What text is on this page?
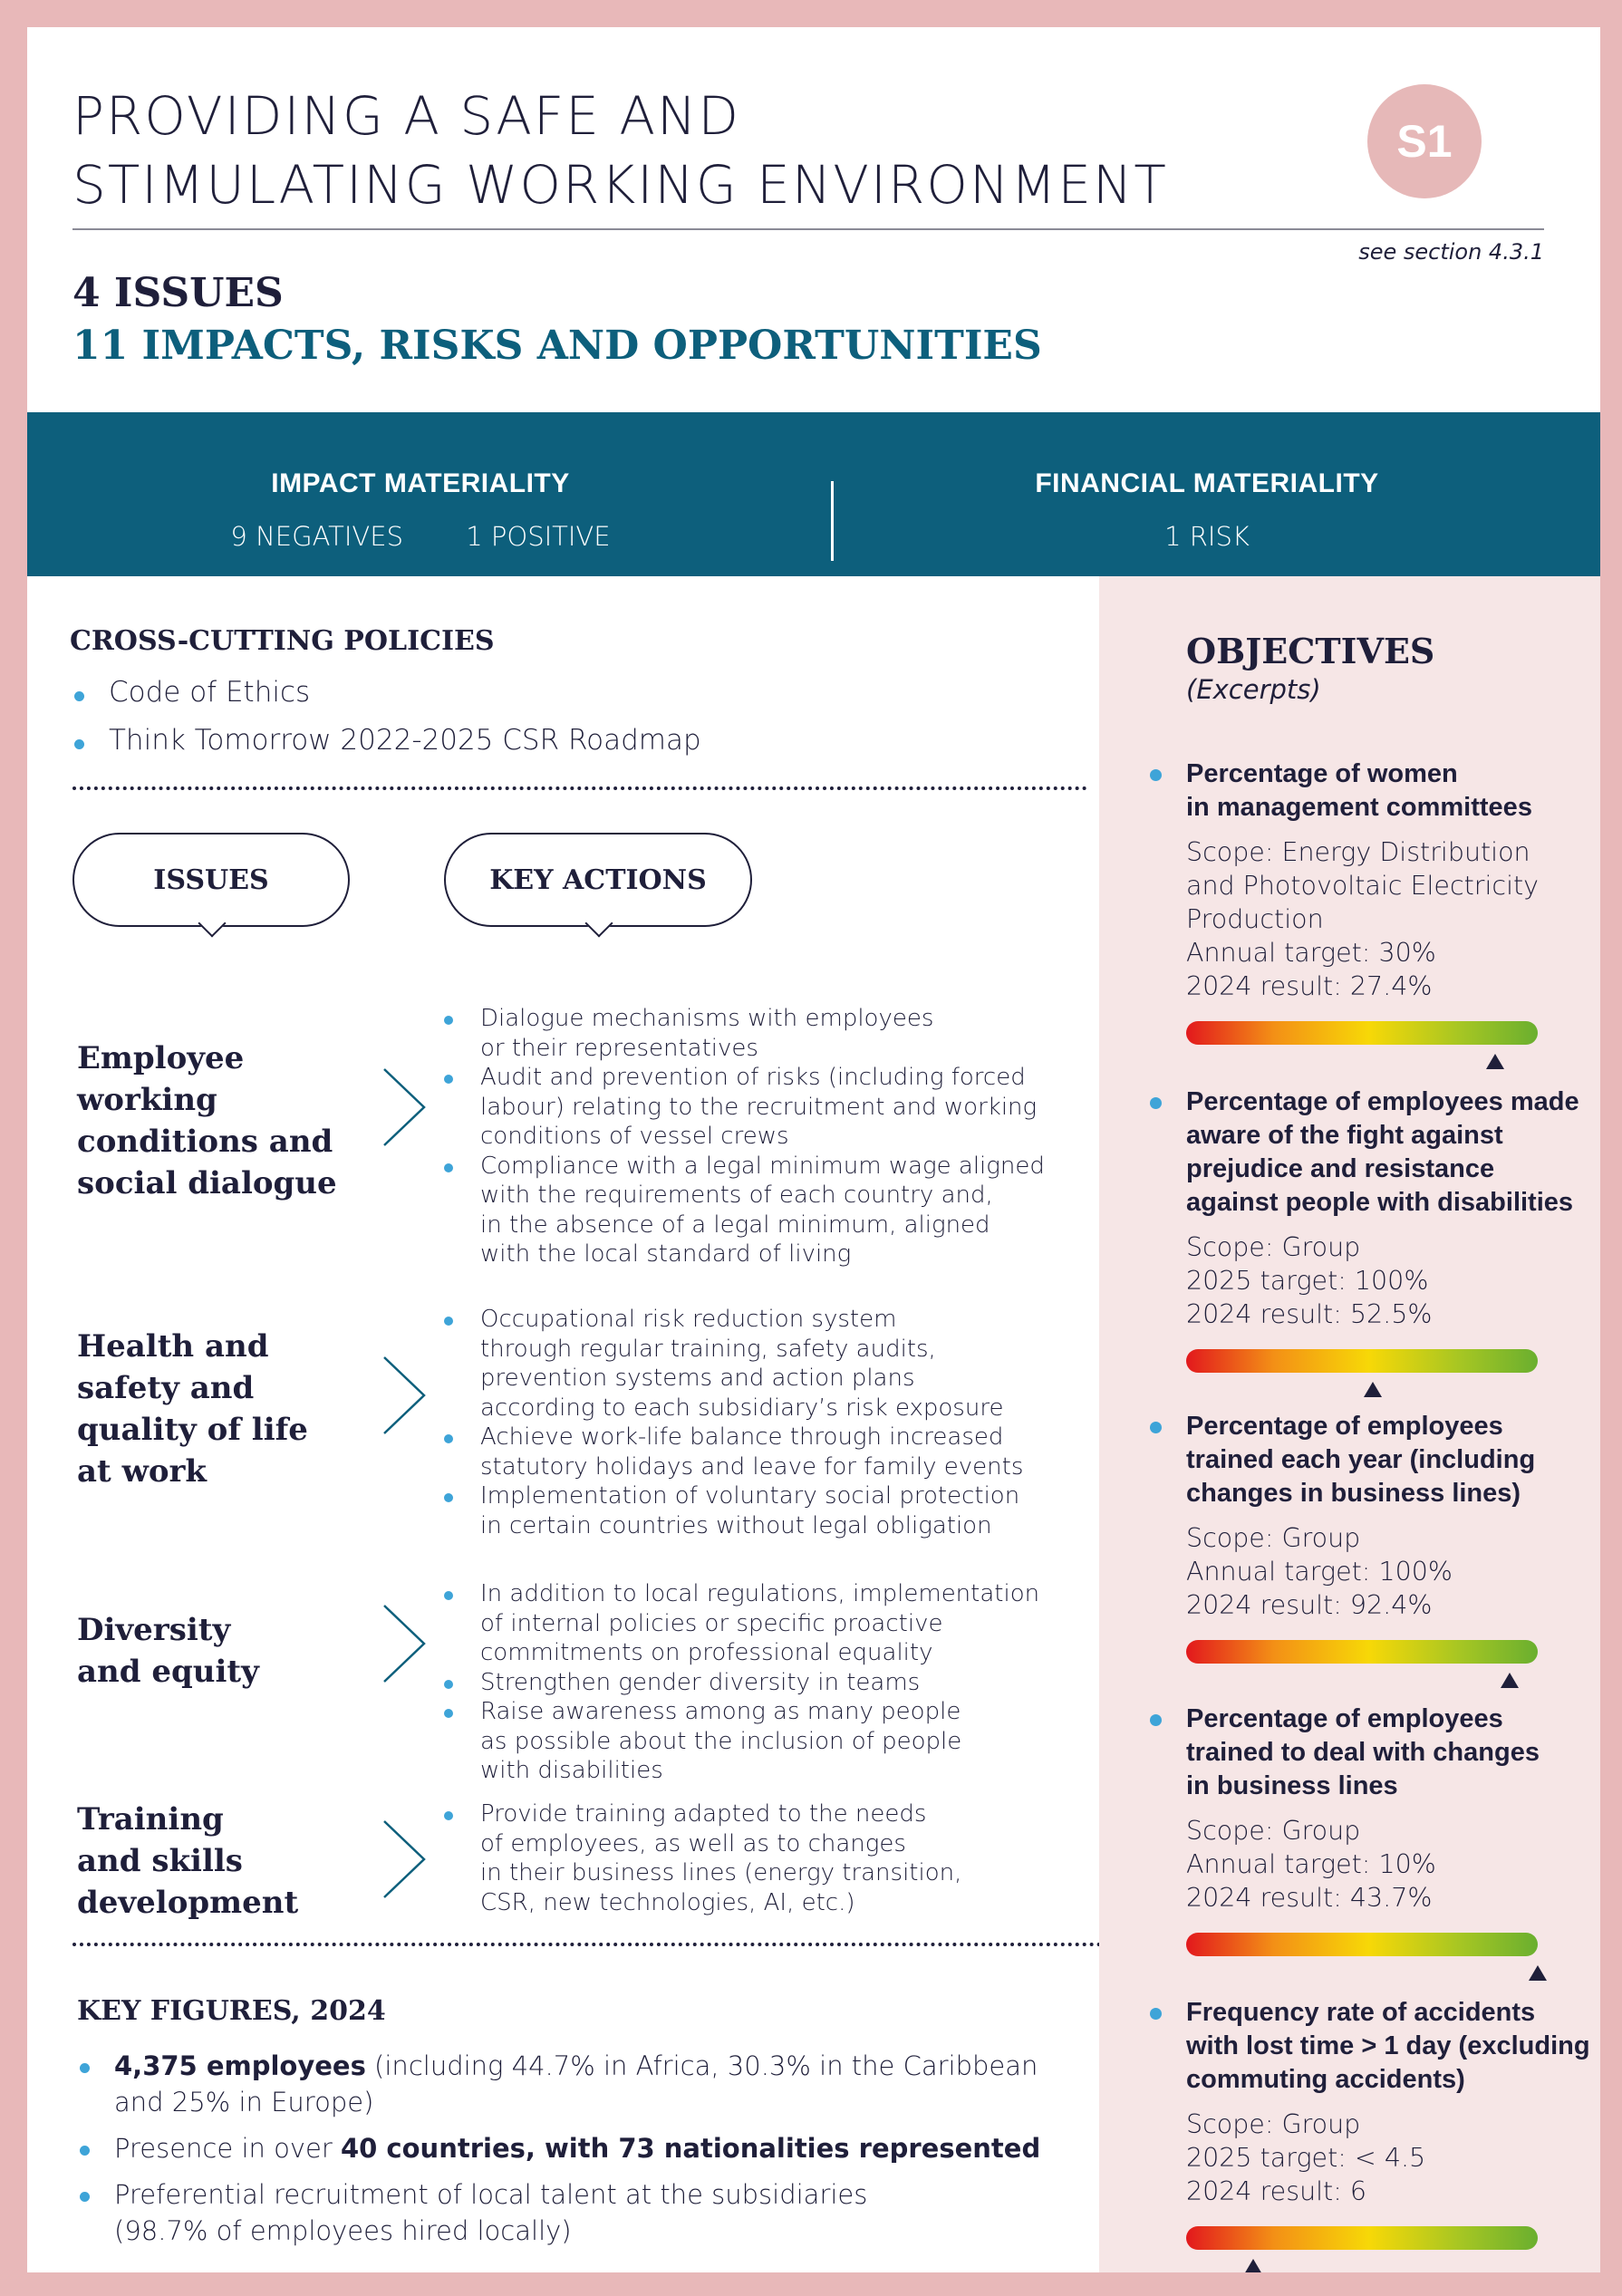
PROVIDING A SAFE AND
STIMULATING WORKING ENVIRONMENT
S1
see section 4.3.1
4 ISSUES
11 IMPACTS, RISKS AND OPPORTUNITIES
IMPACT MATERIALITY
9 NEGATIVES 1 POSITIVE
FINANCIAL MATERIALITY
1 RISK
CROSS-CUTTING POLICIES
Code of Ethics
Think Tomorrow 2022-2025 CSR Roadmap
ISSUES	KEY ACTIONS
Employee
working
conditions and
social dialogue
Dialogue mechanisms with employees
or their representatives
Audit and prevention of risks (including forced
labour) relating to the recruitment and working
conditions of vessel crews
Compliance with a legal minimum wage aligned
with the requirements of each country and,
in the absence of a legal minimum, aligned
with the local standard of living
Health and
safety and
quality of life
at work
Occupational risk reduction system
through regular training, safety audits,
prevention systems and action plans
according to each subsidiary’s risk exposure
Achieve work-life balance through increased
statutory holidays and leave for family events
Implementation of voluntary social protection
in certain countries without legal obligation
Diversity
and equity
In addition to local regulations, implementation
of internal policies or specific proactive
commitments on professional equality
Strengthen gender diversity in teams
Raise awareness among as many people
as possible about the inclusion of people
with disabilities
Training
and skills
development
Provide training adapted to the needs
of employees, as well as to changes
in their business lines (energy transition,
CSR, new technologies, AI, etc.)
KEY FIGURES, 2024
4,375 employees (including 44.7% in Africa, 30.3% in the Caribbean and 25% in Europe)
Presence in over 40 countries, with 73 nationalities represented
Preferential recruitment of local talent at the subsidiaries
(98.7% of employees hired locally)
OBJECTIVES
(Excerpts)
Percentage of women
in management committees
Scope: Energy Distribution
and Photovoltaic Electricity
Production
Annual target: 30%
2024 result: 27.4%
Percentage of employees made
aware of the fight against
prejudice and resistance
against people with disabilities
Scope: Group
2025 target: 100%
2024 result: 52.5%
Percentage of employees
trained each year (including
changes in business lines)
Scope: Group
Annual target: 100%
2024 result: 92.4%
Percentage of employees
trained to deal with changes
in business lines
Scope: Group
Annual target: 10%
2024 result: 43.7%
Frequency rate of accidents
with lost time > 1 day (excluding
commuting accidents)
Scope: Group
2025 target: < 4.5
2024 result: 6
